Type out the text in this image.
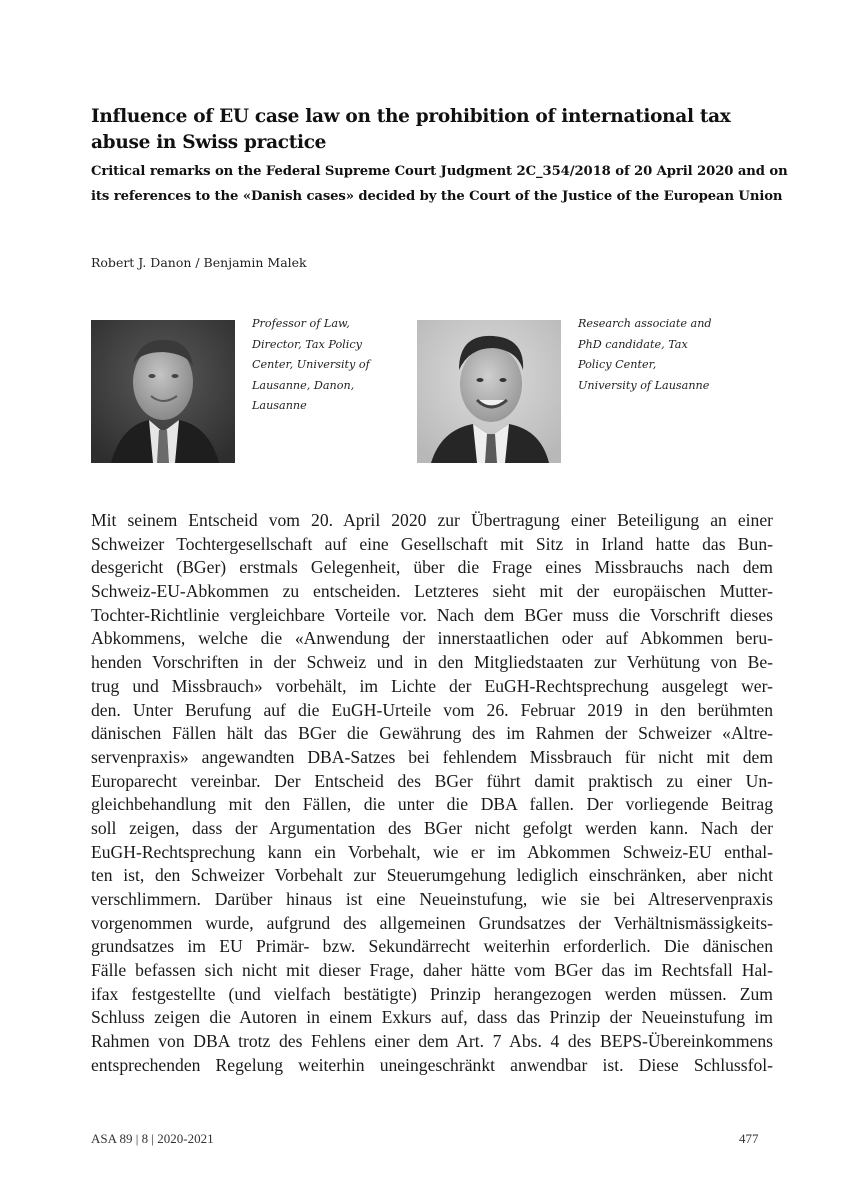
Influence of EU case law on the prohibition of international tax abuse in Swiss practice
Critical remarks on the Federal Supreme Court Judgment 2C_354/2018 of 20 April 2020 and on its references to the «Danish cases» decided by the Court of the Justice of the European Union
Robert J. Danon / Benjamin Malek
Professor of Law, Director, Tax Policy Center, University of Lausanne, Danon, Lausanne
Research associate and PhD candidate, Tax Policy Center, University of Lausanne
Mit seinem Entscheid vom 20. April 2020 zur Übertragung einer Beteiligung an einer
Schweizer Tochtergesellschaft auf eine Gesellschaft mit Sitz in Irland hatte das Bun-
desgericht (BGer) erstmals Gelegenheit, über die Frage eines Missbrauchs nach dem
Schweiz-EU-Abkommen zu entscheiden. Letzteres sieht mit der europäischen Mutter-
Tochter-Richtlinie vergleichbare Vorteile vor. Nach dem BGer muss die Vorschrift dieses
Abkommens, welche die «Anwendung der innerstaatlichen oder auf Abkommen beru-
henden Vorschriften in der Schweiz und in den Mitgliedstaaten zur Verhütung von Be-
trug und Missbrauch» vorbehält, im Lichte der EuGH-Rechtsprechung ausgelegt wer-
den. Unter Berufung auf die EuGH-Urteile vom 26. Februar 2019 in den berühmten
dänischen Fällen hält das BGer die Gewährung des im Rahmen der Schweizer «Altre-
servenpraxis» angewandten DBA-Satzes bei fehlendem Missbrauch für nicht mit dem
Europarecht vereinbar. Der Entscheid des BGer führt damit praktisch zu einer Un-
gleichbehandlung mit den Fällen, die unter die DBA fallen. Der vorliegende Beitrag
soll zeigen, dass der Argumentation des BGer nicht gefolgt werden kann. Nach der
EuGH-Rechtsprechung kann ein Vorbehalt, wie er im Abkommen Schweiz-EU enthal-
ten ist, den Schweizer Vorbehalt zur Steuerumgehung lediglich einschränken, aber nicht
verschlimmern. Darüber hinaus ist eine Neueinstufung, wie sie bei Altreservenpraxis
vorgenommen wurde, aufgrund des allgemeinen Grundsatzes der Verhältnismässigkeits-
grundsatzes im EU Primär- bzw. Sekundärrecht weiterhin erforderlich. Die dänischen
Fälle befassen sich nicht mit dieser Frage, daher hätte vom BGer das im Rechtsfall Hal-
ifax festgestellte (und vielfach bestätigte) Prinzip herangezogen werden müssen. Zum
Schluss zeigen die Autoren in einem Exkurs auf, dass das Prinzip der Neueinstufung im
Rahmen von DBA trotz des Fehlens einer dem Art. 7 Abs. 4 des BEPS-Übereinkommens
entsprechenden Regelung weiterhin uneingeschränkt anwendbar ist. Diese Schlussfol-
ASA 89 | 8 | 2020-2021	477
